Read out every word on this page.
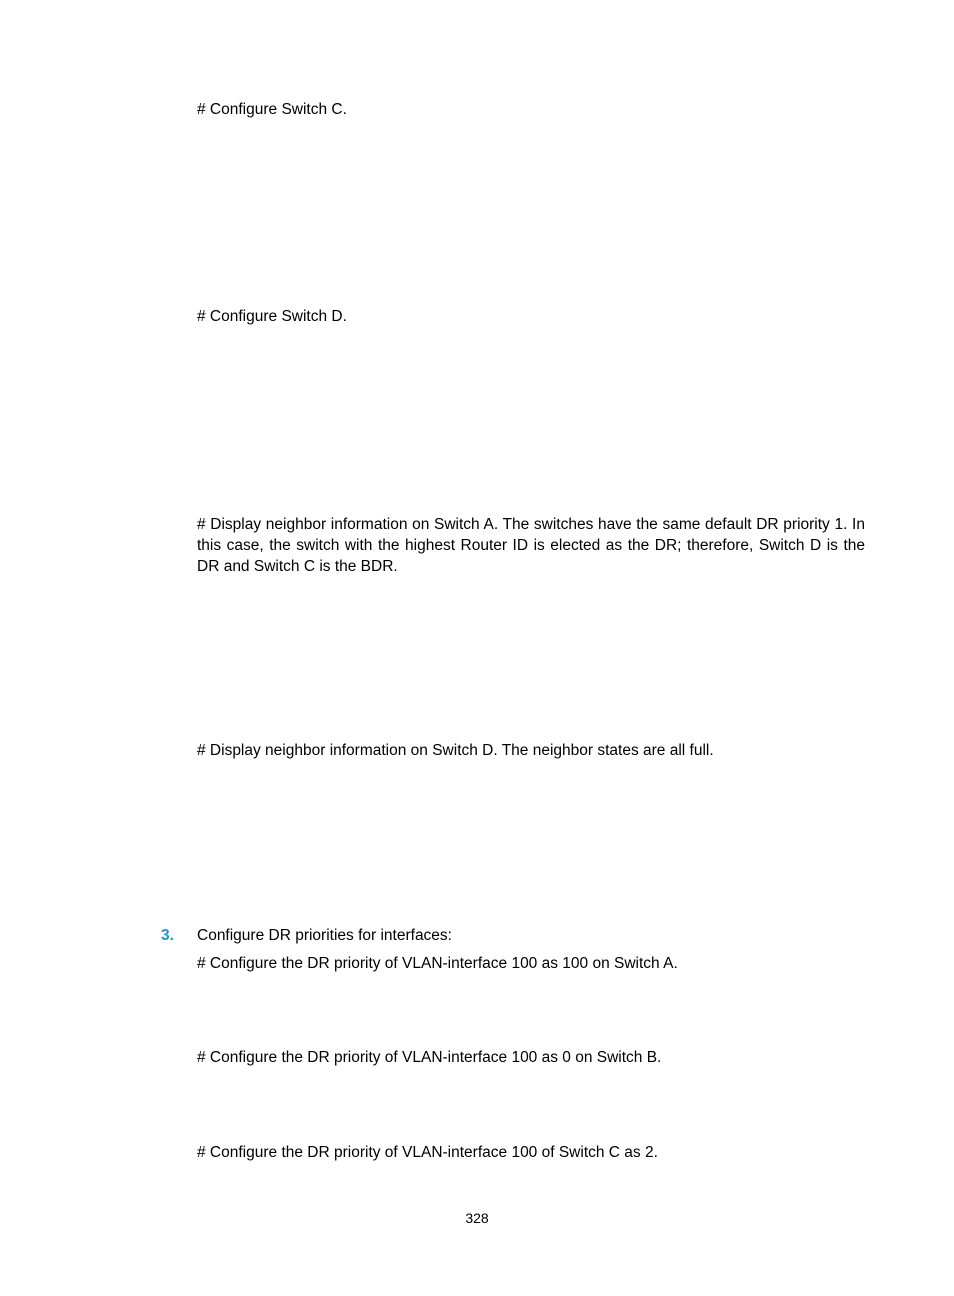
# Configure Switch C.

# Configure Switch D.

# Display neighbor information on Switch A. The switches have the same default DR priority 1. In this case, the switch with the highest Router ID is elected as the DR; therefore, Switch D is the DR and Switch C is the BDR.

# Display neighbor information on Switch D. The neighbor states are all full.

3. Configure DR priorities for interfaces:

# Configure the DR priority of VLAN-interface 100 as 100 on Switch A.

# Configure the DR priority of VLAN-interface 100 as 0 on Switch B.

# Configure the DR priority of VLAN-interface 100 of Switch C as 2.

328
